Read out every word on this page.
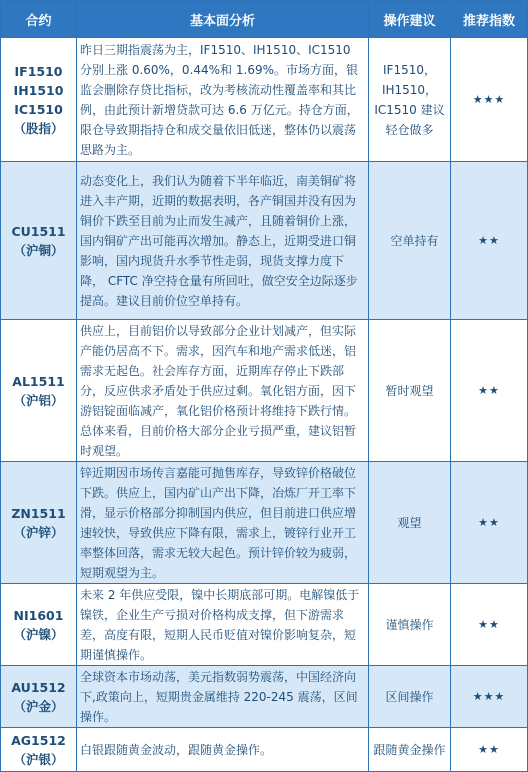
合约	基本面分析	操作建议	推荐指数

IF1510
IH1510
IC1510
（股指）	昨日三期指震荡为主，IF1510、IH1510、IC1510 分别上涨 0.60%，0.44%和 1.69%。市场方面，银监会删除存贷比指标，改为考核流动性覆盖率和其比例，由此预计新增贷款可达 6.6 万亿元。持仓方面，限仓导致期指持仓和成交量依旧低迷，整体仍以震荡思路为主。	IF1510，IH1510，IC1510 建议轻仓做多	★★★

CU1511
（沪铜）	动态变化上，我们认为随着下半年临近，南美铜矿将进入丰产期，近期的数据表明，各产铜国并没有因为铜价下跌至目前为止而发生减产，且随着铜价上涨，国内铜矿产出可能再次增加。静态上，近期受进口铜影响，国内现货升水季节性走弱，现货支撑力度下降， CFTC 净空持仓量有所回吐，做空安全边际逐步提高。建议目前价位空单持有。	空单持有	★★

AL1511
（沪铝）	供应上，目前铝价以导致部分企业计划减产，但实际产能仍居高不下。需求，因汽车和地产需求低迷，铝需求无起色。社会库存方面，近期库存停止下跌部分，反应供求矛盾处于供应过剩。氧化铝方面，因下游铝锭面临减产，氧化铝价格预计将维持下跌行情。总体来看，目前价格大部分企业亏损严重，建议铝暂时观望。	暂时观望	★★

ZN1511
（沪锌）	锌近期因市场传言嘉能可抛售库存，导致锌价格破位下跌。供应上，国内矿山产出下降，冶炼厂开工率下滑，显示价格部分抑制国内供应，但目前进口供应增速较快，导致供应下降有限，需求上，镀锌行业开工率整体回落，需求无较大起色。预计锌价较为疲弱，短期观望为主。	观望	★★

NI1601
（沪镍）	未来 2 年供应受限，镍中长期底部可期。电解镍低于镍铁，企业生产亏损对价格构成支撑，但下游需求差，高度有限，短期人民币贬值对镍价影响复杂，短期谨慎操作。	谨慎操作	★★

AU1512
（沪金）	全球资本市场动荡，美元指数弱势震荡，中国经济向下,政策向上，短期贵金属维持 220-245 震荡，区间操作。	区间操作	★★★

AG1512
（沪银）	白银跟随黄金波动，跟随黄金操作。	跟随黄金操作	★★
